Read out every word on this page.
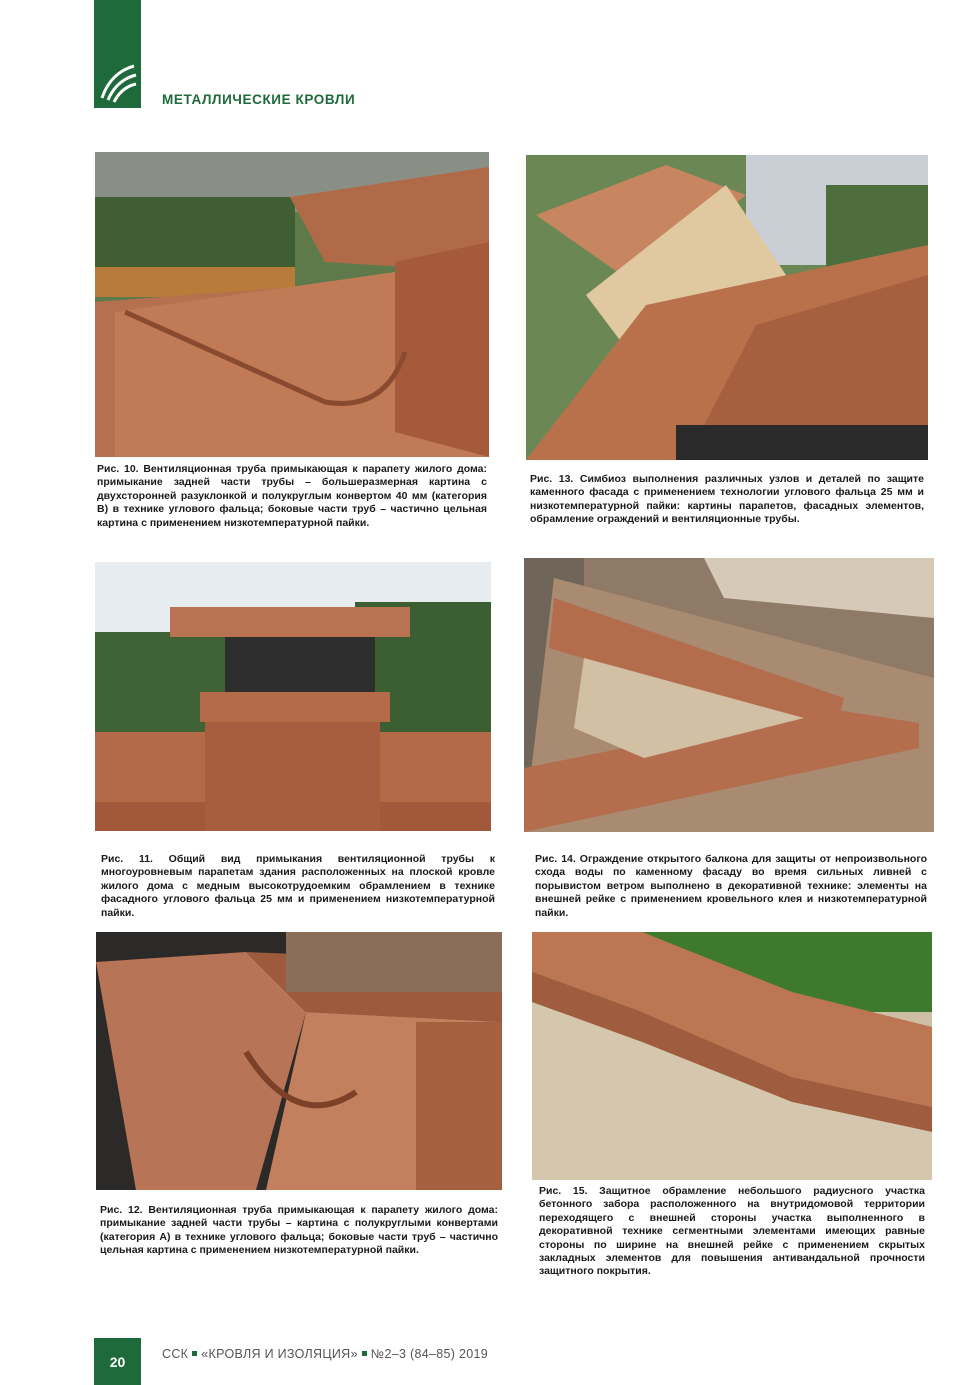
МЕТАЛЛИЧЕСКИЕ КРОВЛИ
Рис. 10. Вентиляционная труба примыкающая к парапету жилого дома: примыкание задней части трубы – большеразмерная картина с двухсторонней разуклонкой и полукруглым конвертом 40 мм (категория В) в технике углового фальца; боковые части труб – частично цельная картина с применением низкотемпературной пайки.
Рис. 13. Симбиоз выполнения различных узлов и деталей по защите каменного фасада с применением технологии углового фальца 25 мм и низкотемпературной пайки: картины парапетов, фасадных элементов, обрамление ограждений и вентиляционные трубы.
Рис. 11. Общий вид примыкания вентиляционной трубы к многоуровневым парапетам здания расположенных на плоской кровле жилого дома с медным высокотрудоемким обрамлением в технике фасадного углового фальца 25 мм и применением низкотемпературной пайки.
Рис. 14. Ограждение открытого балкона для защиты от непроизвольного схода воды по каменному фасаду во время сильных ливней с порывистом ветром выполнено в декоративной технике: элементы на внешней рейке с применением кровельного клея и низкотемпературной пайки.
Рис. 12. Вентиляционная труба примыкающая к парапету жилого дома: примыкание задней части трубы – картина с полукруглыми конвертами (категория А) в технике углового фальца; боковые части труб – частично цельная картина с применением низкотемпературной пайки.
Рис. 15. Защитное обрамление небольшого радиусного участка бетонного забора расположенного на внутридомовой территории переходящего с внешней стороны участка выполненного в декоративной технике сегментными элементами имеющих равные стороны по ширине на внешней рейке с применением скрытых закладных элементов для повышения антивандальной прочности защитного покрытия.
20	ССК «КРОВЛЯ И ИЗОЛЯЦИЯ» №2–3 (84–85) 2019
